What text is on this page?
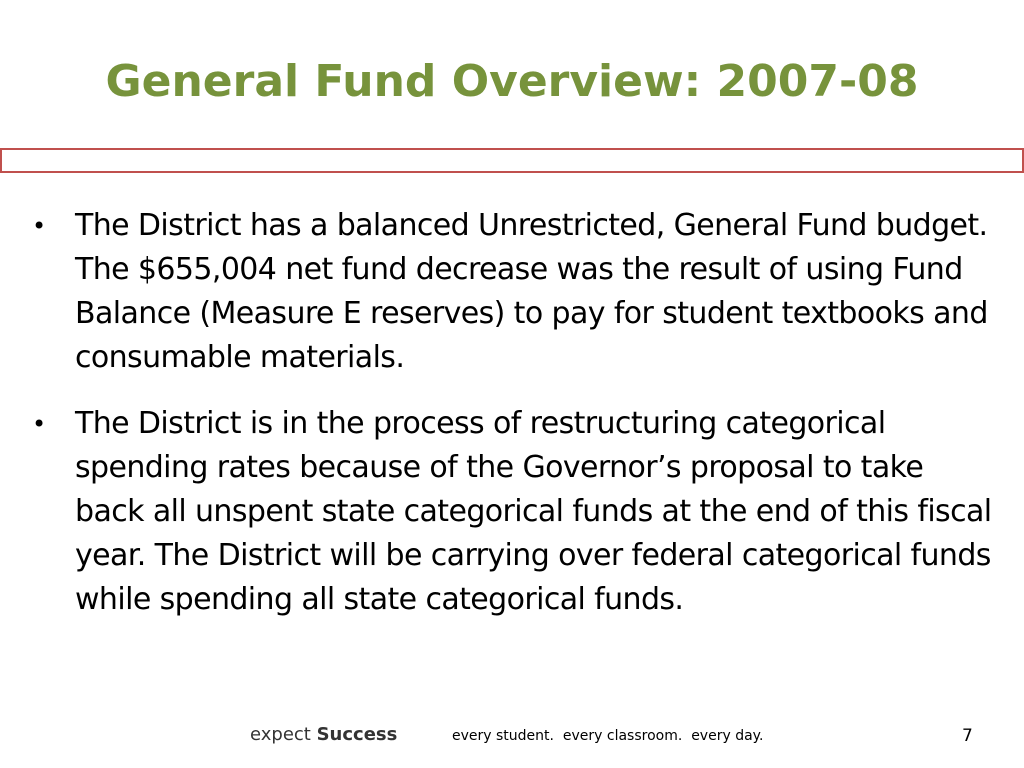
General Fund Overview: 2007-08
• The District has a balanced Unrestricted, General Fund budget. The $655,004 net fund decrease was the result of using Fund Balance (Measure E reserves) to pay for student textbooks and consumable materials.
• The District is in the process of restructuring categorical spending rates because of the Governor’s proposal to take back all unspent state categorical funds at the end of this fiscal year. The District will be carrying over federal categorical funds while spending all state categorical funds.
expect Success	every student.  every classroom.  every day.	7
